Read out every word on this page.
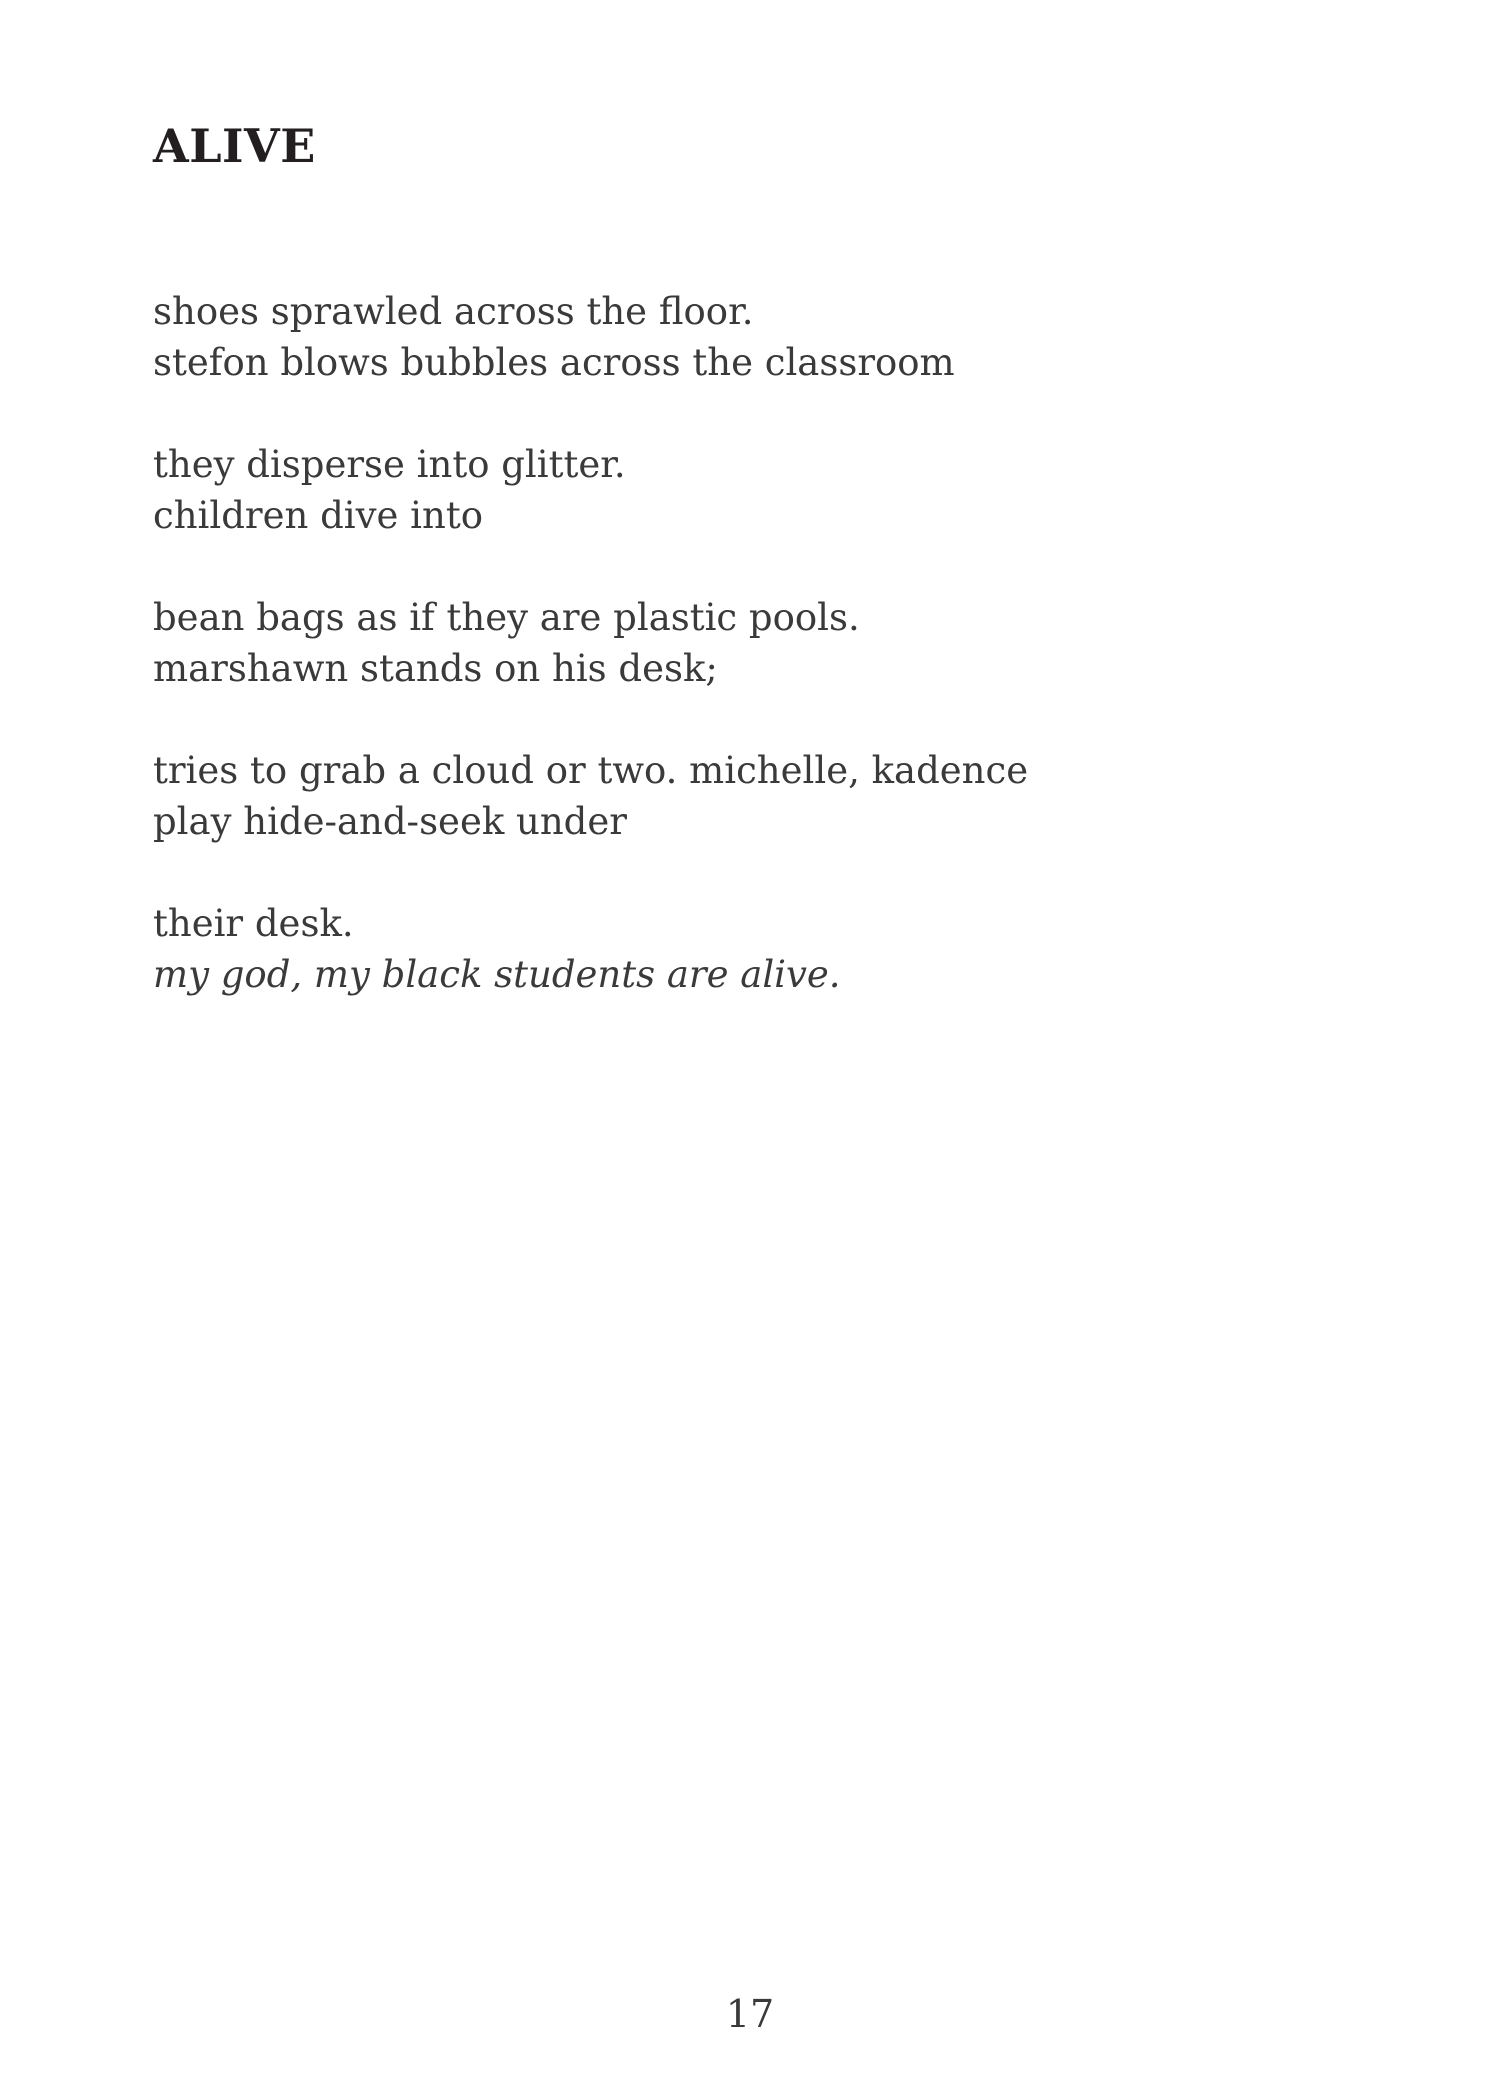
ALIVE

shoes sprawled across the floor.
stefon blows bubbles across the classroom

they disperse into glitter.
children dive into

bean bags as if they are plastic pools.
marshawn stands on his desk;

tries to grab a cloud or two. michelle, kadence
play hide-and-seek under

their desk.
my god, my black students are alive.

17
